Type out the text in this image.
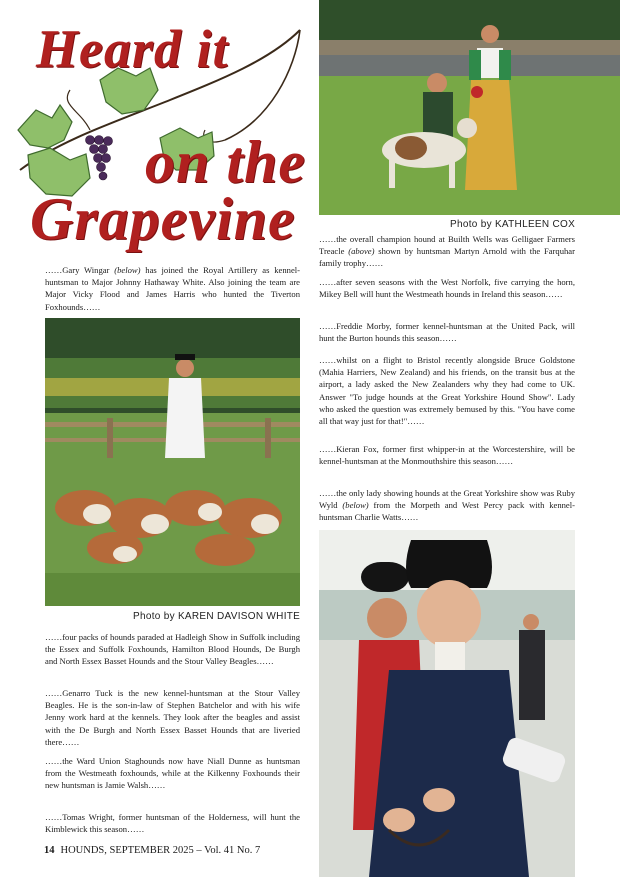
Heard it
on the
Grapevine	Photo by KATHLEEN COX
……Gary Wingar (below) has joined the Royal Artillery as kennel-huntsman to Major Johnny Hathaway White. Also joining the team are Major Vicky Flood and James Harris who hunted the Tiverton Foxhounds……
Photo by KAREN DAVISON WHITE
……four packs of hounds paraded at Hadleigh Show in Suffolk including the Essex and Suffolk Foxhounds, Hamilton Blood Hounds, De Burgh and North Essex Basset Hounds and the Stour Valley Beagles……
……Genarro Tuck is the new kennel-huntsman at the Stour Valley Beagles. He is the son-in-law of Stephen Batchelor and with his wife Jenny work hard at the kennels. They look after the beagles and assist with the De Burgh and North Essex Basset Hounds that are liveried there……
……the Ward Union Staghounds now have Niall Dunne as huntsman from the Westmeath foxhounds, while at the Kilkenny Foxhounds their new huntsman is Jamie Walsh……
……Tomas Wright, former huntsman of the Holderness, will hunt the Kimblewick this season……
……the overall champion hound at Builth Wells was Gelligaer Farmers Treacle (above) shown by huntsman Martyn Arnold with the Farquhar family trophy……
……after seven seasons with the West Norfolk, five carrying the horn, Mikey Bell will hunt the Westmeath hounds in Ireland this season……
……Freddie Morby, former kennel-huntsman at the United Pack, will hunt the Burton hounds this season……
……whilst on a flight to Bristol recently alongside Bruce Goldstone (Mahia Harriers, New Zealand) and his friends, on the transit bus at the airport, a lady asked the New Zealanders why they had come to UK. Answer "To judge hounds at the Great Yorkshire Hound Show". Lady who asked the question was extremely bemused by this. "You have come all that way just for that!"……
……Kieran Fox, former first whipper-in at the Worcestershire, will be kennel-huntsman at the Monmouthshire this season……
……the only lady showing hounds at the Great Yorkshire show was Ruby Wyld (below) from the Morpeth and West Percy pack with kennel-huntsman Charlie Watts……
14 HOUNDS, SEPTEMBER 2025 – Vol. 41 No. 7
